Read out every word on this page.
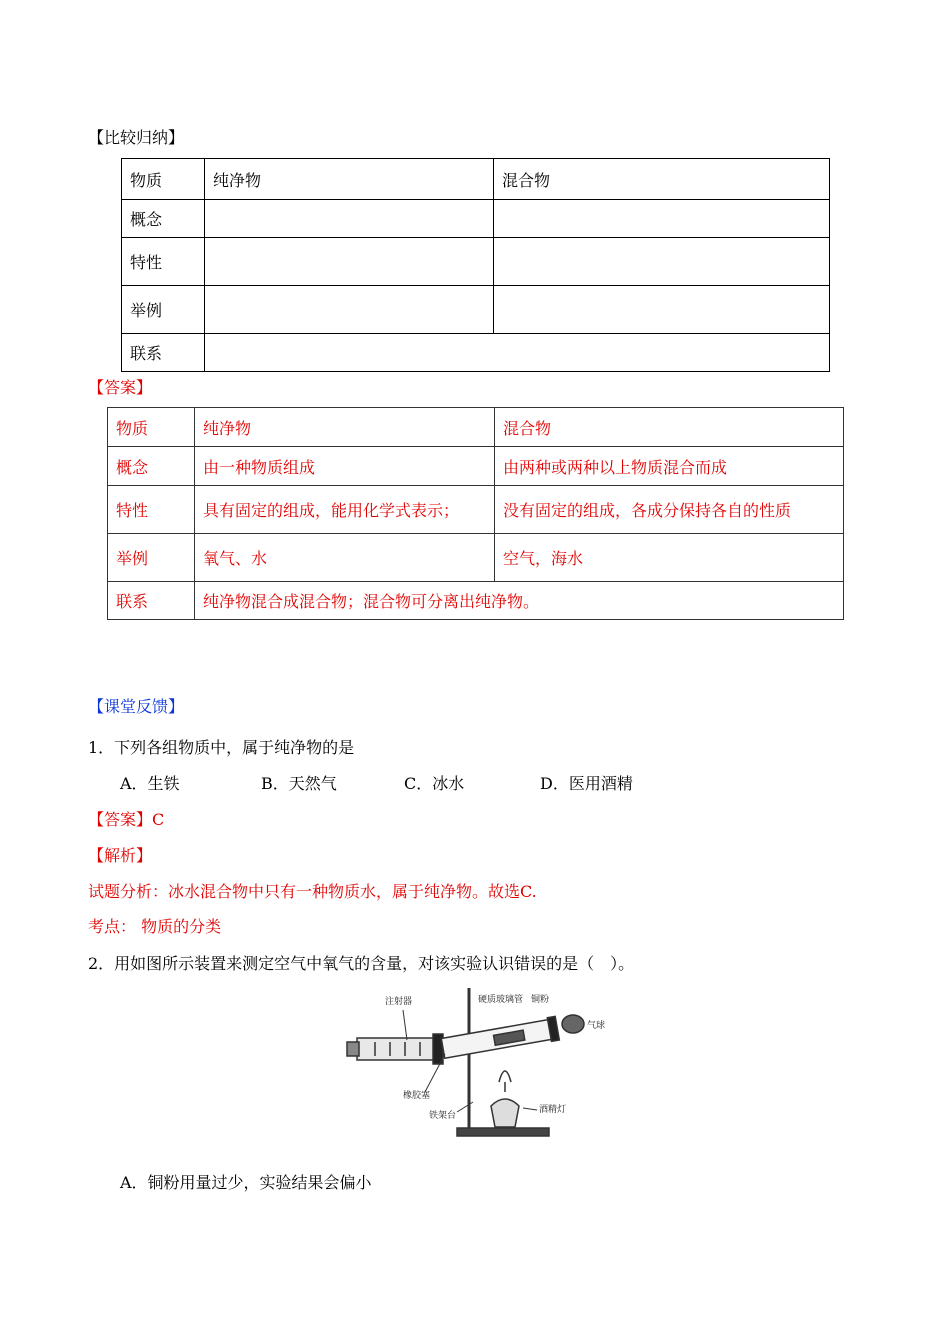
【比较归纳】
物质	纯净物	混合物
概念		
特性		
举例		
联系		
【答案】
物质	纯净物	混合物
概念	由一种物质组成	由两种或两种以上物质混合而成
特性	具有固定的组成，能用化学式表示；	没有固定的组成，各成分保持各自的性质
举例	氧气、水	空气，海水
联系	纯净物混合成混合物；混合物可分离出纯净物。	
【课堂反馈】
1．下列各组物质中，属于纯净物的是
A．生铁	B．天然气	C．冰水	D．医用酒精
【答案】C
【解析】
试题分析：冰水混合物中只有一种物质水，属于纯净物。故选C.
考点： 物质的分类
2．用如图所示装置来测定空气中氧气的含量，对该实验认识错误的是（　）。
注射器	硬质玻璃管 铜粉
气球
橡胶塞
铁架台
酒精灯
A．铜粉用量过少，实验结果会偏小
